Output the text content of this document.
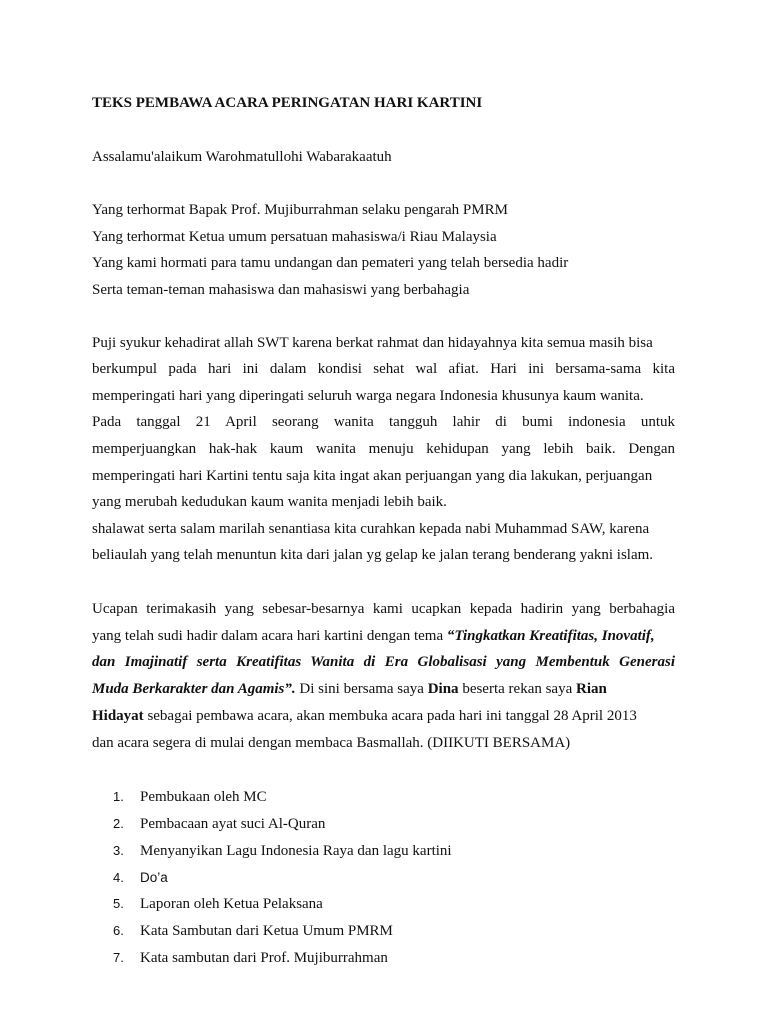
TEKS PEMBAWA ACARA PERINGATAN HARI KARTINI
Assalamu'alaikum Warohmatullohi Wabarakaatuh
Yang terhormat Bapak Prof. Mujiburrahman selaku pengarah PMRM
Yang terhormat Ketua umum persatuan mahasiswa/i Riau Malaysia
Yang kami hormati para tamu undangan dan pemateri yang telah bersedia hadir
Serta teman-teman mahasiswa dan mahasiswi yang berbahagia
Puji syukur kehadirat allah SWT karena berkat rahmat dan hidayahnya kita semua masih bisa
berkumpul pada hari ini dalam kondisi sehat wal afiat. Hari ini bersama-sama kita
memperingati hari yang diperingati seluruh warga negara Indonesia khusunya kaum wanita.
Pada tanggal 21 April seorang wanita tangguh lahir di bumi indonesia untuk
memperjuangkan hak-hak kaum wanita menuju kehidupan yang lebih baik. Dengan
memperingati hari Kartini tentu saja kita ingat akan perjuangan yang dia lakukan, perjuangan
yang merubah kedudukan kaum wanita menjadi lebih baik.
shalawat serta salam marilah senantiasa kita curahkan kepada nabi Muhammad SAW, karena
beliaulah yang telah menuntun kita dari jalan yg gelap ke jalan terang benderang yakni islam.
Ucapan terimakasih yang sebesar-besarnya kami ucapkan kepada hadirin yang berbahagia
yang telah sudi hadir dalam acara hari kartini dengan tema “Tingkatkan Kreatifitas, Inovatif,
dan Imajinatif serta Kreatifitas Wanita di Era Globalisasi yang Membentuk Generasi
Muda Berkarakter dan Agamis”. Di sini bersama saya Dina beserta rekan saya Rian
Hidayat sebagai pembawa acara, akan membuka acara pada hari ini tanggal 28 April 2013
dan acara segera di mulai dengan membaca Basmallah. (DIIKUTI BERSAMA)
1. Pembukaan oleh MC
2. Pembacaan ayat suci Al-Quran
3. Menyanyikan Lagu Indonesia Raya dan lagu kartini
4. Do’a
5. Laporan oleh Ketua Pelaksana
6. Kata Sambutan dari Ketua Umum PMRM
7. Kata sambutan dari Prof. Mujiburrahman
